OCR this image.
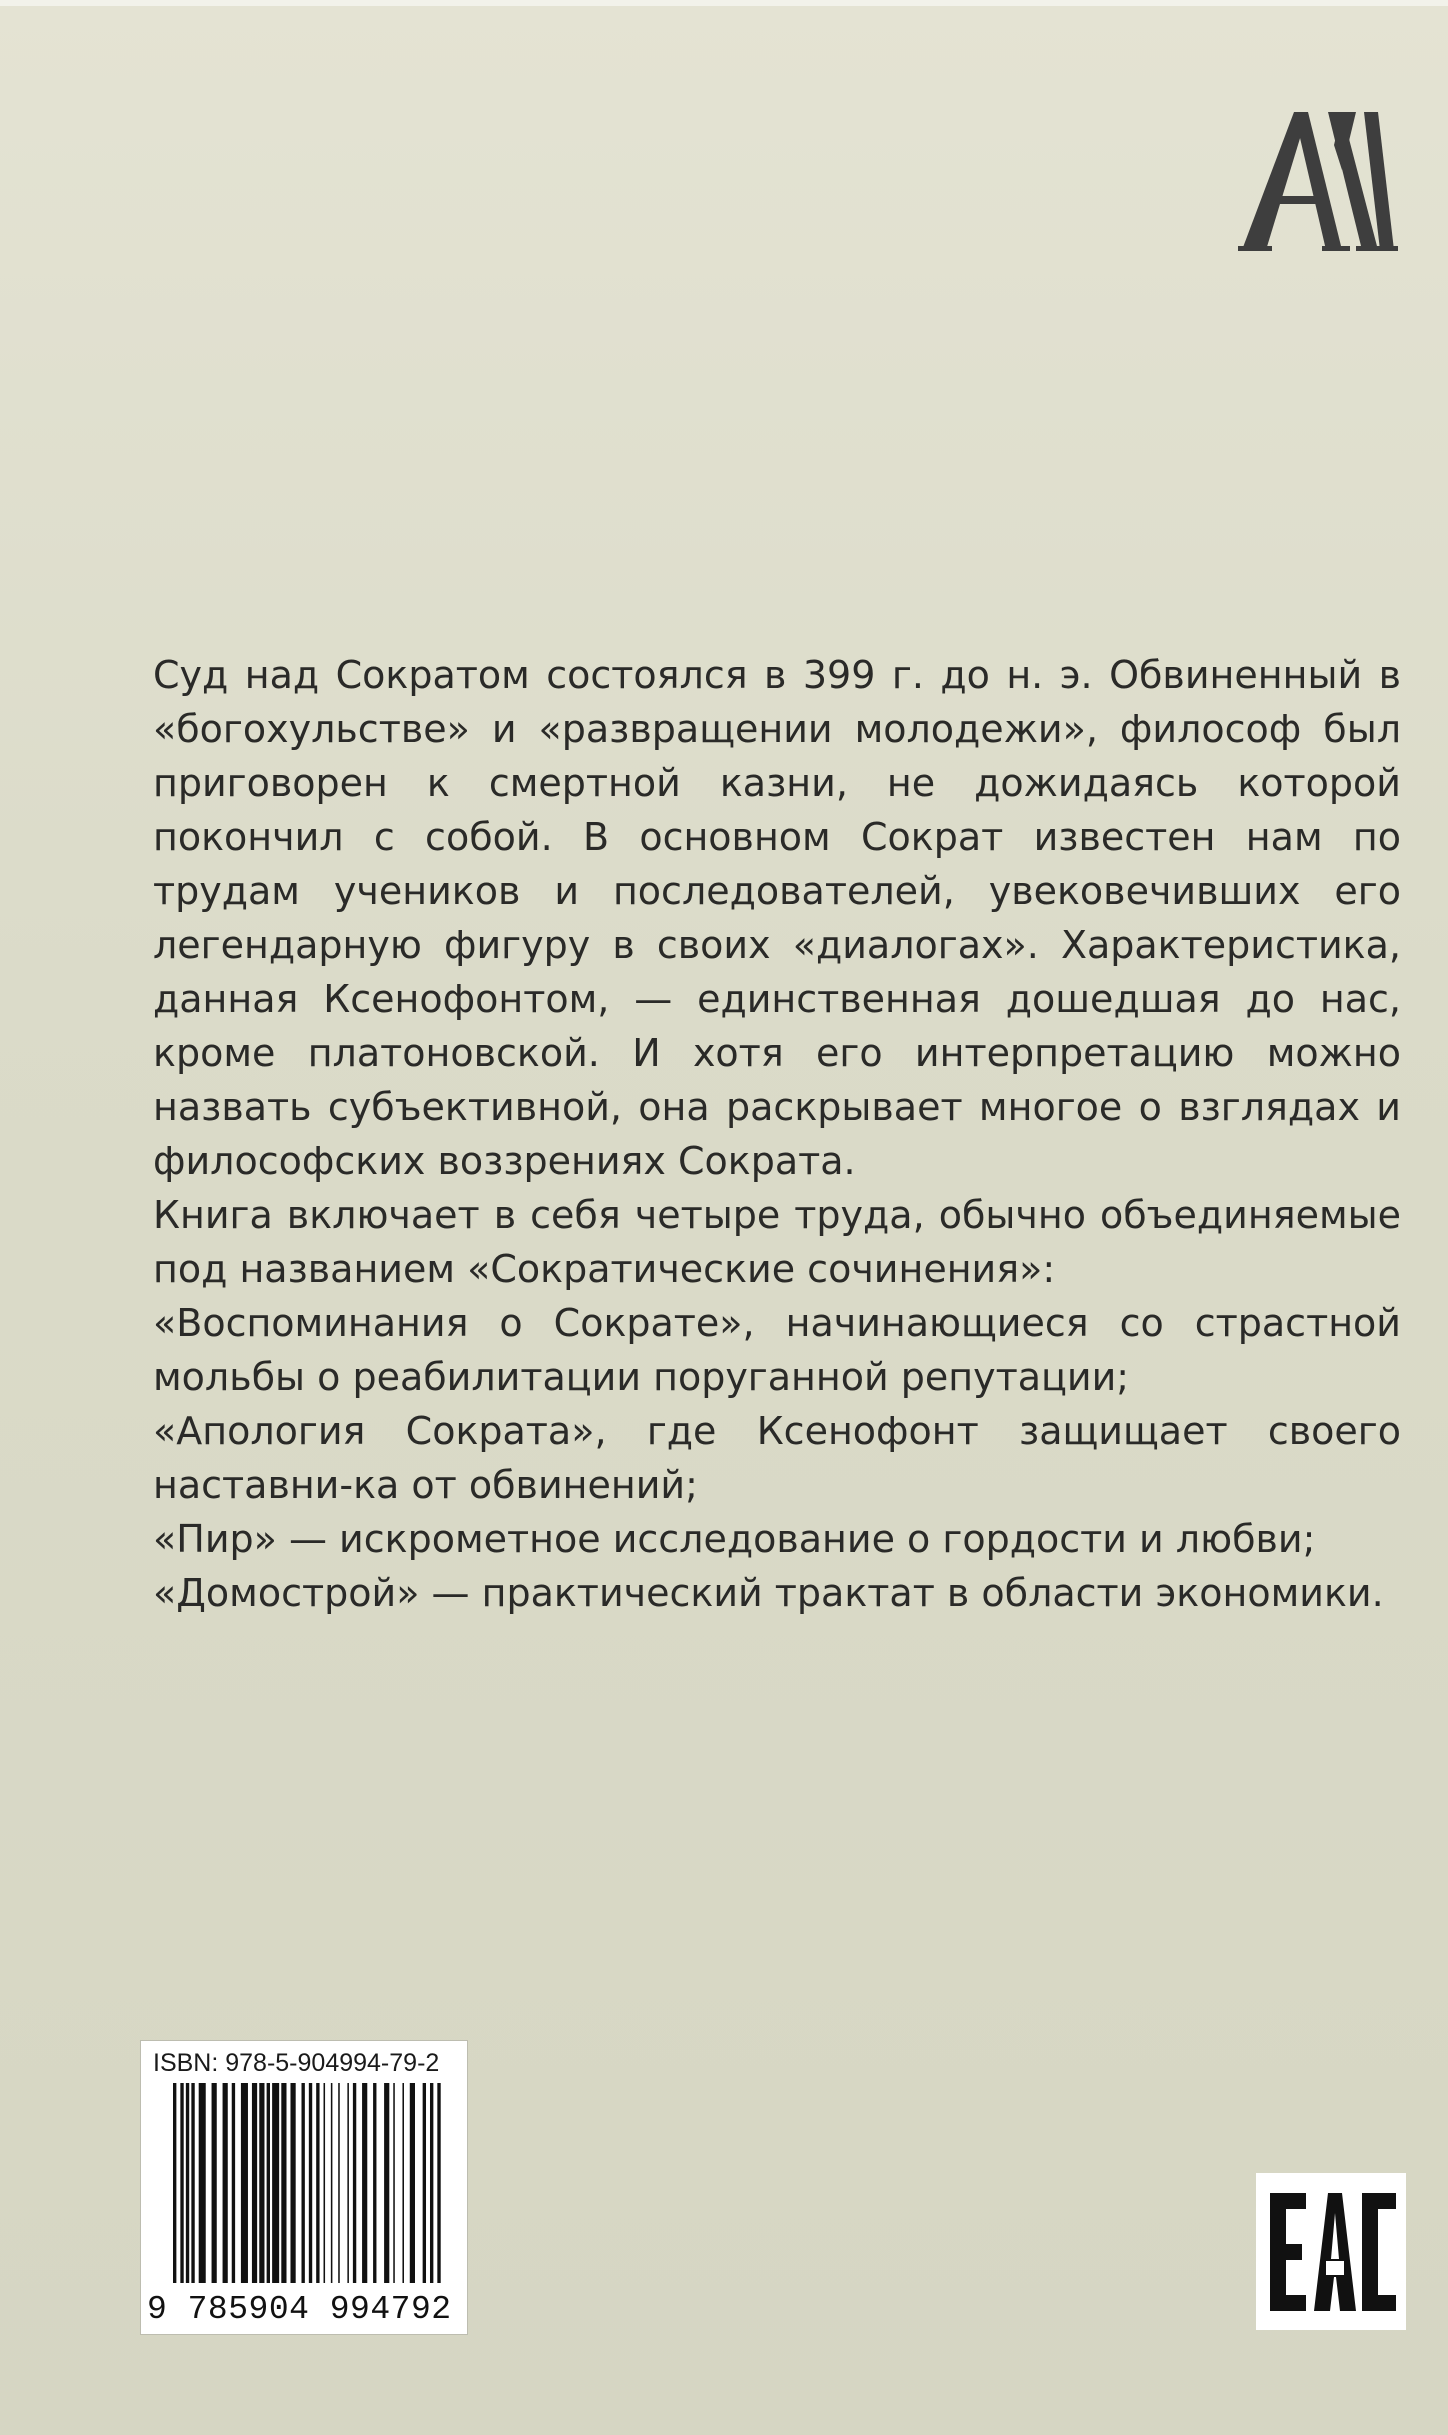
Суд над Сократом состоялся в 399 г. до н. э. Обвиненный в «богохульстве» и «развращении молодежи», философ был приговорен к смертной казни, не дожидаясь которой покончил с собой. В основном Сократ известен нам по трудам учеников и последователей, увековечивших его легендарную фигуру в своих «диалогах». Характеристика, данная Ксенофонтом, — единственная дошедшая до нас, кроме платоновской. И хотя его интерпретацию можно назвать субъективной, она раскрывает многое о взглядах и философских воззрениях Сократа.

Книга включает в себя четыре труда, обычно объединяемые под названием «Сократические сочинения»:

«Воспоминания о Сократе», начинающиеся со страстной мольбы о реабилитации поруганной репутации;

«Апология Сократа», где Ксенофонт защищает своего наставни-ка от обвинений;

«Пир» — искрометное исследование о гордости и любви;

«Домострой» — практический трактат в области экономики.

ISBN: 978-5-904994-79-2
9 785904 994792
